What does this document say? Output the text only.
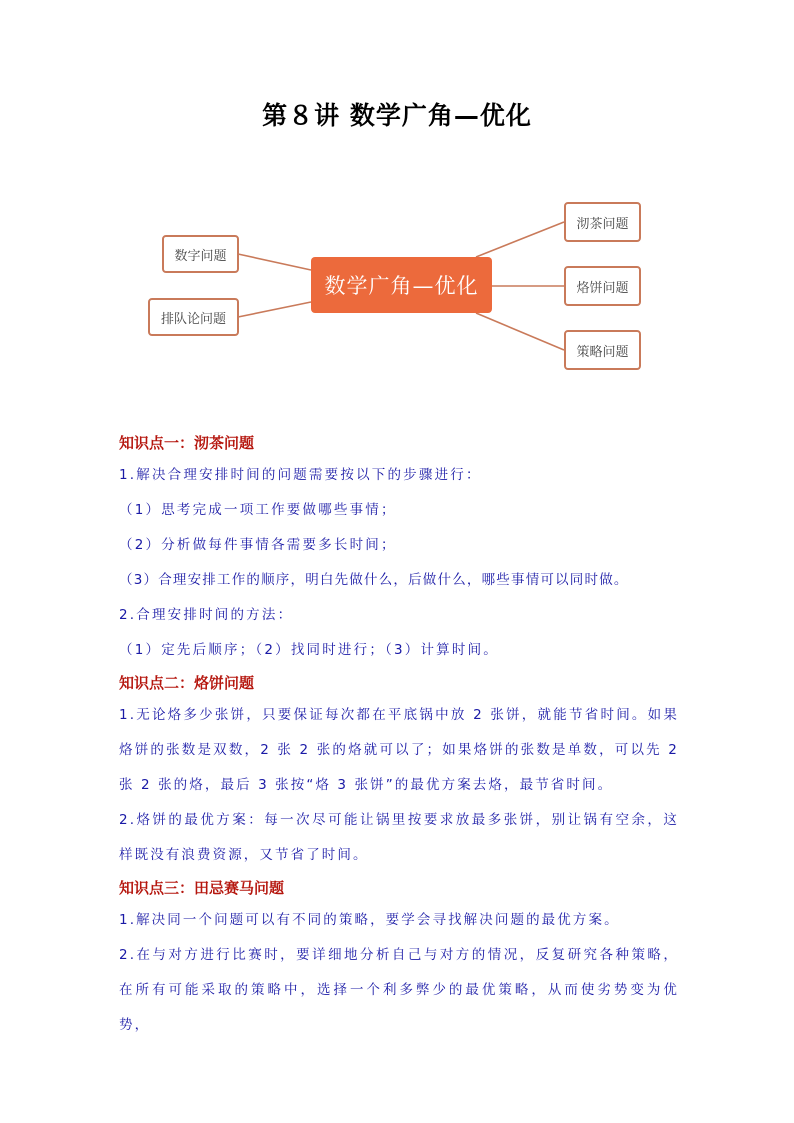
第８讲 数学广角—优化
数学广角—优化
数字问题
排队论问题
沏茶问题
烙饼问题
策略问题
知识点一：沏茶问题
1.解决合理安排时间的问题需要按以下的步骤进行：
（1）思考完成一项工作要做哪些事情；
（2）分析做每件事情各需要多长时间；
（3）合理安排工作的顺序，明白先做什么，后做什么，哪些事情可以同时做。
2.合理安排时间的方法：
（1）定先后顺序；（2）找同时进行；（3）计算时间。
知识点二：烙饼问题
1.无论烙多少张饼，只要保证每次都在平底锅中放 2 张饼，就能节省时间。如果烙饼的张数是双数，2 张 2 张的烙就可以了；如果烙饼的张数是单数，可以先 2 张 2 张的烙，最后 3 张按“烙 3 张饼”的最优方案去烙，最节省时间。
2.烙饼的最优方案：每一次尽可能让锅里按要求放最多张饼，别让锅有空余，这样既没有浪费资源，又节省了时间。
知识点三：田忌赛马问题
1.解决同一个问题可以有不同的策略，要学会寻找解决问题的最优方案。
2.在与对方进行比赛时，要详细地分析自己与对方的情况，反复研究各种策略，在所有可能采取的策略中，选择一个利多弊少的最优策略，从而使劣势变为优势，
